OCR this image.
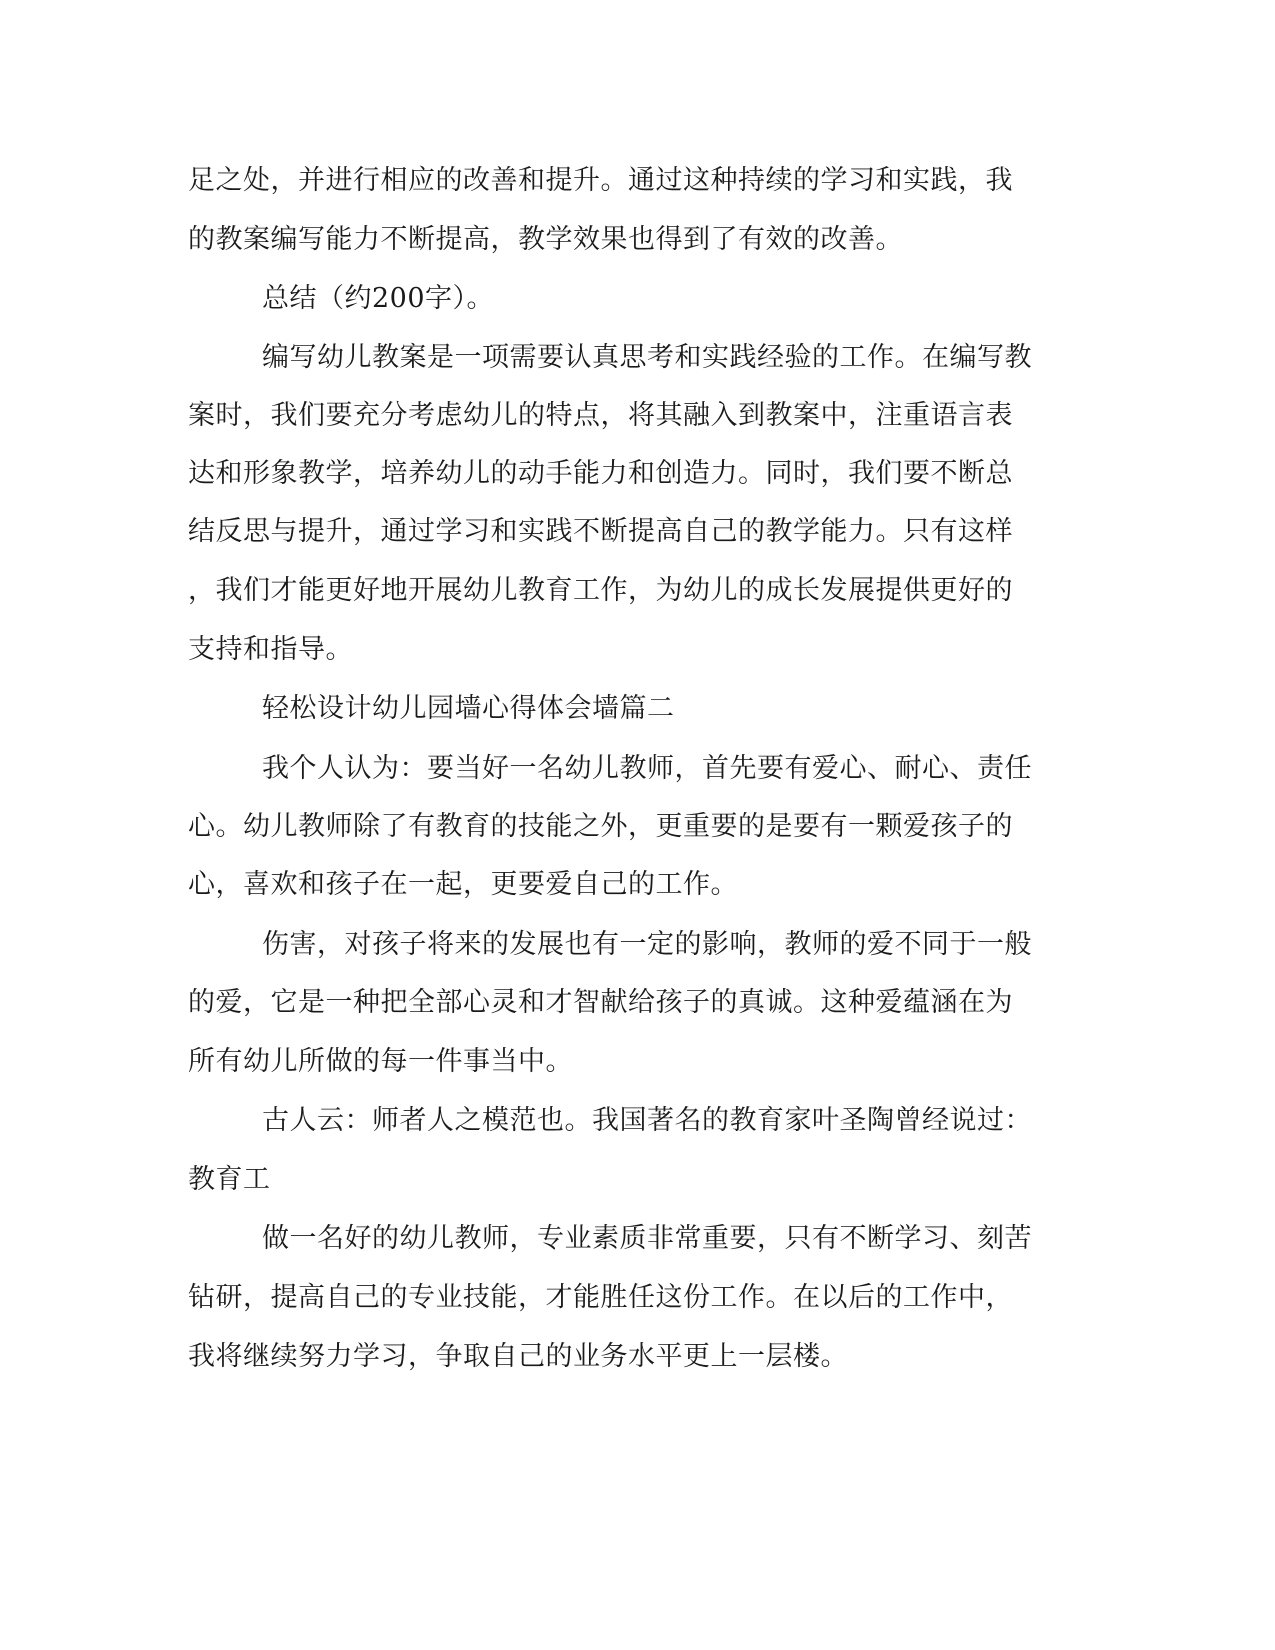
足之处，并进行相应的改善和提升。通过这种持续的学习和实践，我
的教案编写能力不断提高，教学效果也得到了有效的改善。
总结（约200字）。
编写幼儿教案是一项需要认真思考和实践经验的工作。在编写教
案时，我们要充分考虑幼儿的特点，将其融入到教案中，注重语言表
达和形象教学，培养幼儿的动手能力和创造力。同时，我们要不断总
结反思与提升，通过学习和实践不断提高自己的教学能力。只有这样
，我们才能更好地开展幼儿教育工作，为幼儿的成长发展提供更好的
支持和指导。
轻松设计幼儿园墙心得体会墙篇二
我个人认为：要当好一名幼儿教师，首先要有爱心、耐心、责任
心。幼儿教师除了有教育的技能之外，更重要的是要有一颗爱孩子的
心，喜欢和孩子在一起，更要爱自己的工作。
伤害，对孩子将来的发展也有一定的影响，教师的爱不同于一般
的爱，它是一种把全部心灵和才智献给孩子的真诚。这种爱蕴涵在为
所有幼儿所做的每一件事当中。
古人云：师者人之模范也。我国著名的教育家叶圣陶曾经说过：
教育工
做一名好的幼儿教师，专业素质非常重要，只有不断学习、刻苦
钻研，提高自己的专业技能，才能胜任这份工作。在以后的工作中，
我将继续努力学习，争取自己的业务水平更上一层楼。
